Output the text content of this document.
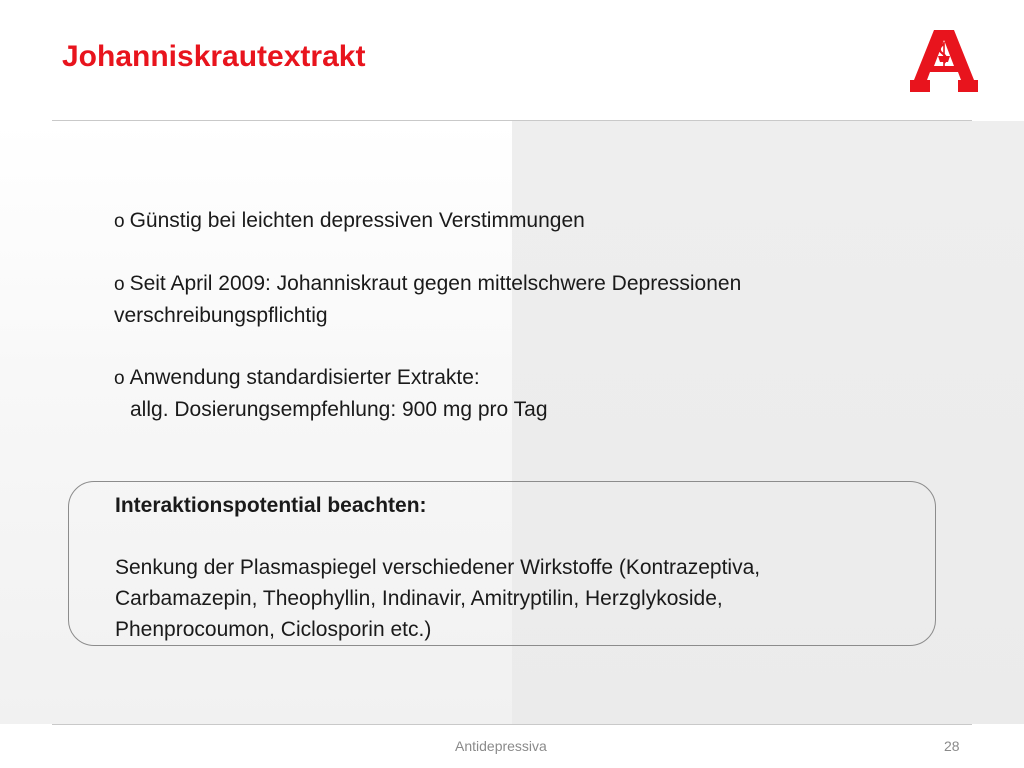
Johanniskrautextrakt
o Günstig bei leichten depressiven Verstimmungen
o Seit April 2009: Johanniskraut gegen mittelschwere Depressionen
verschreibungspflichtig
o Anwendung standardisierter Extrakte:
allg. Dosierungsempfehlung: 900 mg pro Tag
Interaktionspotential beachten:
Senkung der Plasmaspiegel verschiedener Wirkstoffe (Kontrazeptiva,
Carbamazepin, Theophyllin, Indinavir, Amitryptilin, Herzglykoside,
Phenprocoumon, Ciclosporin etc.)
Antidepressiva	28
